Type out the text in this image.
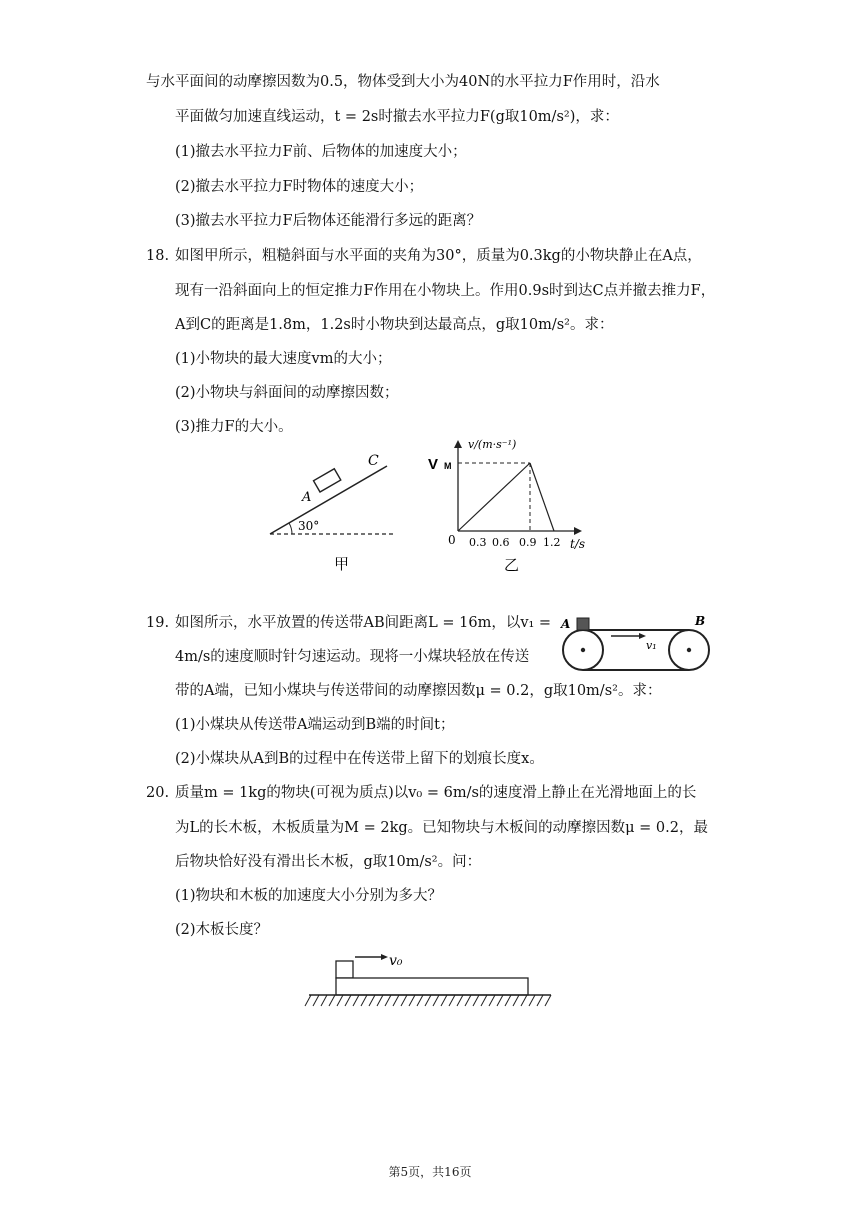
与水平面间的动摩擦因数为0.5，物体受到大小为40N的水平拉力F作用时，沿水
平面做匀加速直线运动，t = 2s时撤去水平拉力F(g取10m/s²)，求：
(1)撤去水平拉力F前、后物体的加速度大小；
(2)撤去水平拉力F时物体的速度大小；
(3)撤去水平拉力F后物体还能滑行多远的距离？
18. 如图甲所示，粗糙斜面与水平面的夹角为30°，质量为0.3kg的小物块静止在A点，
现有一沿斜面向上的恒定推力F作用在小物块上。作用0.9s时到达C点并撤去推力F，
A到C的距离是1.8m，1.2s时小物块到达最高点，g取10m/s²。求：
(1)小物块的最大速度vm的大小；
(2)小物块与斜面间的动摩擦因数；
(3)推力F的大小。
A
C
30°
甲
v/(m·s⁻¹)
V M
0 0.3 0.6 0.9 1.2 t/s
乙
19. 如图所示，水平放置的传送带AB间距离L = 16m，以v₁ =
4m/s的速度顺时针匀速运动。现将一小煤块轻放在传送
带的A端，已知小煤块与传送带间的动摩擦因数μ = 0.2，g取10m/s²。求：
(1)小煤块从传送带A端运动到B端的时间t；
(2)小煤块从A到B的过程中在传送带上留下的划痕长度x。
A	B
v₁
20. 质量m = 1kg的物块(可视为质点)以v₀ = 6m/s的速度滑上静止在光滑地面上的长
为L的长木板，木板质量为M = 2kg。已知物块与木板间的动摩擦因数μ = 0.2，最
后物块恰好没有滑出长木板，g取10m/s²。问：
(1)物块和木板的加速度大小分别为多大？
(2)木板长度？
v₀
第5页，共16页
